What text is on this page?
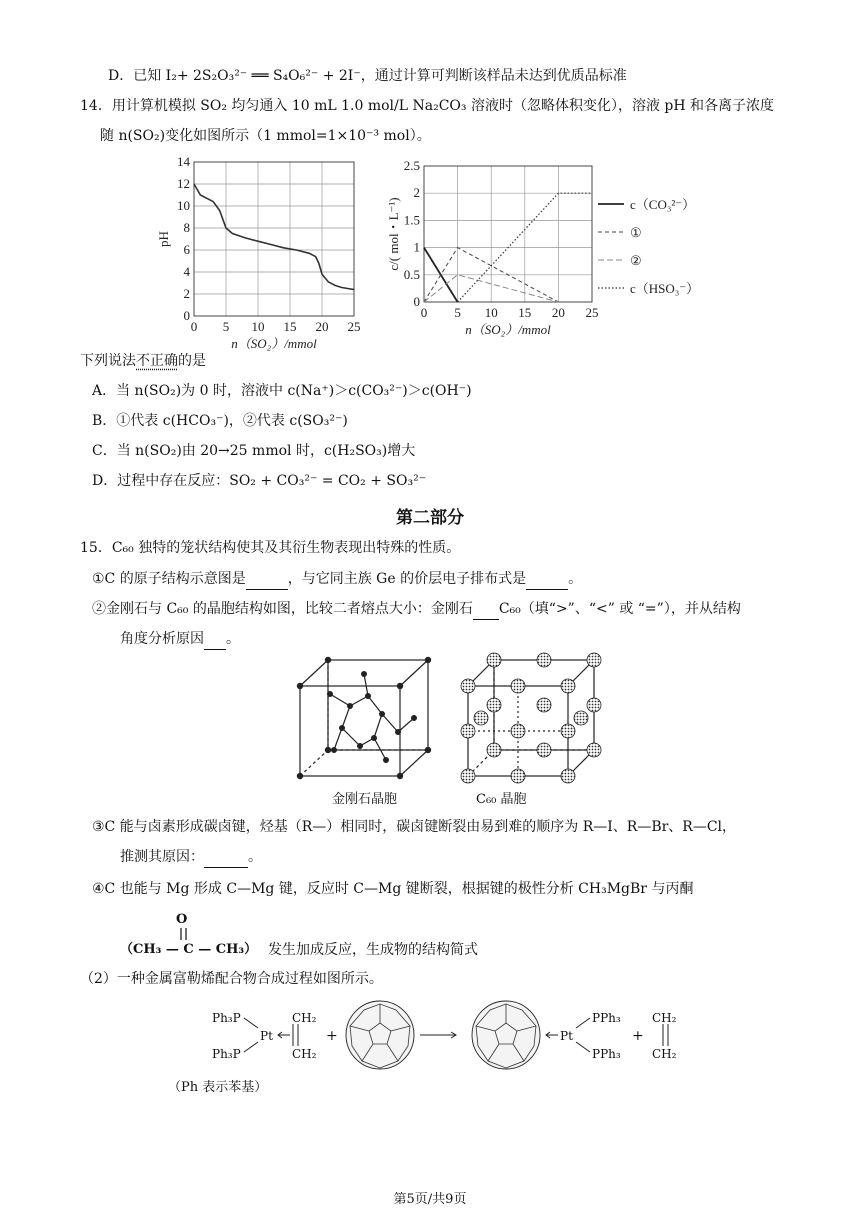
D．已知 I₂+ 2S₂O₃²⁻ ══ S₄O₆²⁻ + 2I⁻，通过计算可判断该样品未达到优质品标准
14．用计算机模拟 SO₂ 均匀通入 10 mL 1.0 mol/L Na₂CO₃ 溶液时（忽略体积变化），溶液 pH 和各离子浓度
随 n(SO₂)变化如图所示（1 mmol=1×10⁻³ mol）。
0 5 10 15 20 25
0
2
4
6
8
10
12
14
n（SO₂）/mmol
pH
0 5 10 15 20 25
0
0.5
1
1.5
2
2.5
n（SO₂）/mmol
c/( mol・L⁻¹)	c（CO₃²⁻）
①
②
c（HSO₃⁻）
下列说法不正确的是
A．当 n(SO₂)为 0 时，溶液中 c(Na⁺)＞c(CO₃²⁻)＞c(OH⁻)
B．①代表 c(HCO₃⁻)，②代表 c(SO₃²⁻)
C．当 n(SO₂)由 20→25 mmol 时，c(H₂SO₃)增大
D．过程中存在反应：SO₂ + CO₃²⁻ = CO₂ + SO₃²⁻
第二部分
15．C₆₀ 独特的笼状结构使其及其衍生物表现出特殊的性质。
①C 的原子结构示意图是	，与它同主族 Ge 的价层电子排布式是	。
②金刚石与 C₆₀ 的晶胞结构如图，比较二者熔点大小：金刚石 C₆₀（填“>”、“<” 或 “=”），并从结构
角度分析原因 。
金刚石晶胞	C₆₀ 晶胞
③C 能与卤素形成碳卤键，烃基（R—）相同时，碳卤键断裂由易到难的顺序为 R—I、R—Br、R—Cl，
推测其原因：	。
④C 也能与 Mg 形成 C—Mg 键，反应时 C—Mg 键断裂，根据键的极性分析 CH₃MgBr 与丙酮
O
（CH₃ — C — CH₃） 发生加成反应，生成物的结构简式
（2）一种金属富勒烯配合物合成过程如图所示。
Ph₃P
Ph₃P
Pt
CH₂
CH₂
+	Pt
PPh₃
PPh₃
+
CH₂
CH₂
（Ph 表示苯基）
第5页/共9页
